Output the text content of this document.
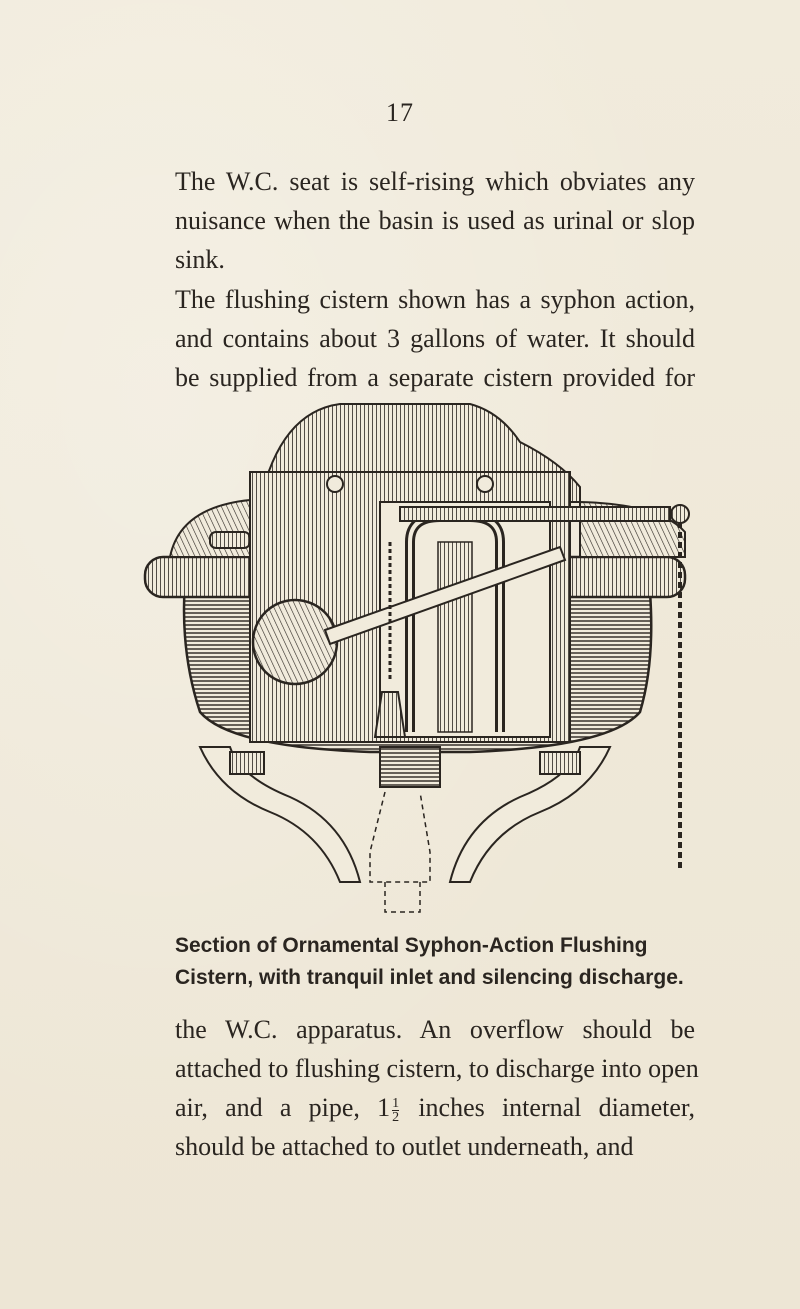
17
The W.C. seat is self-rising which obviates any
nuisance when the basin is used as urinal or slop
sink.
The flushing cistern shown has a syphon action,
and contains about 3 gallons of water. It should
be supplied from a separate cistern provided for
Section of Ornamental Syphon-Action Flushing
Cistern, with tranquil inlet and silencing discharge.
the W.C. apparatus. An overflow should be
attached to flushing cistern, to discharge into open
air, and a pipe, $1 \frac{1}{2}$ inches internal diameter,
should be attached to outlet underneath, and
